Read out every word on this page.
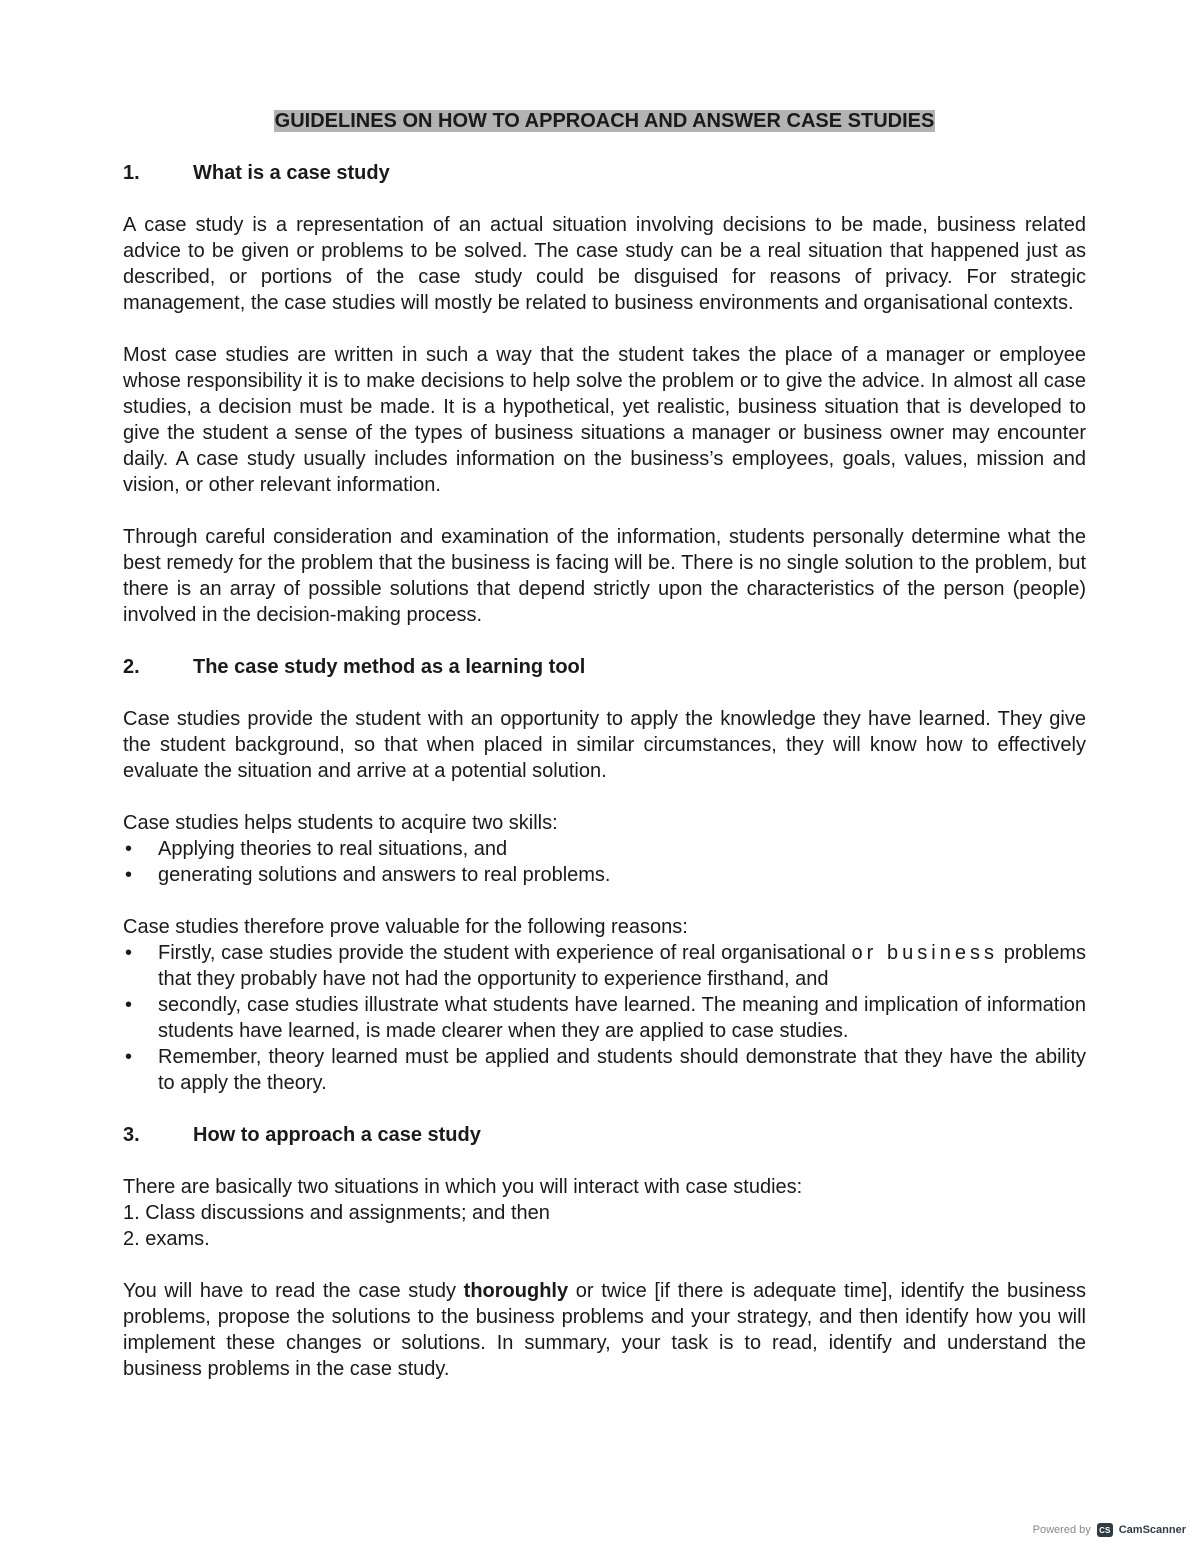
GUIDELINES ON HOW TO APPROACH AND ANSWER CASE STUDIES
1.	What is a case study

A case study is a representation of an actual situation involving decisions to be made, business related advice to be given or problems to be solved. The case study can be a real situation that happened just as described, or portions of the case study could be disguised for reasons of privacy. For strategic management, the case studies will mostly be related to business environments and organisational contexts.

Most case studies are written in such a way that the student takes the place of a manager or employee whose responsibility it is to make decisions to help solve the problem or to give the advice. In almost all case studies, a decision must be made. It is a hypothetical, yet realistic, business situation that is developed to give the student a sense of the types of business situations a manager or business owner may encounter daily. A case study usually includes information on the business’s employees, goals, values, mission and vision, or other relevant information.

Through careful consideration and examination of the information, students personally determine what the best remedy for the problem that the business is facing will be. There is no single solution to the problem, but there is an array of possible solutions that depend strictly upon the characteristics of the person (people) involved in the decision-making process.

2.	The case study method as a learning tool

Case studies provide the student with an opportunity to apply the knowledge they have learned. They give the student background, so that when placed in similar circumstances, they will know how to effectively evaluate the situation and arrive at a potential solution.

Case studies helps students to acquire two skills:

• Applying theories to real situations, and
• generating solutions and answers to real problems.

Case studies therefore prove valuable for the following reasons:

• Firstly, case studies provide the student with experience of real organisational or business problems that they probably have not had the opportunity to experience firsthand, and
• secondly, case studies illustrate what students have learned. The meaning and implication of information students have learned, is made clearer when they are applied to case studies.
• Remember, theory learned must be applied and students should demonstrate that they have the ability to apply the theory.
3.	How to approach a case study

There are basically two situations in which you will interact with case studies:

1. Class discussions and assignments; and then
2. exams.

You will have to read the case study thoroughly or twice [if there is adequate time], identify the business problems, propose the solutions to the business problems and your strategy, and then identify how you will implement these changes or solutions. In summary, your task is to read, identify and understand the business problems in the case study.

Powered by	CS CamScanner
